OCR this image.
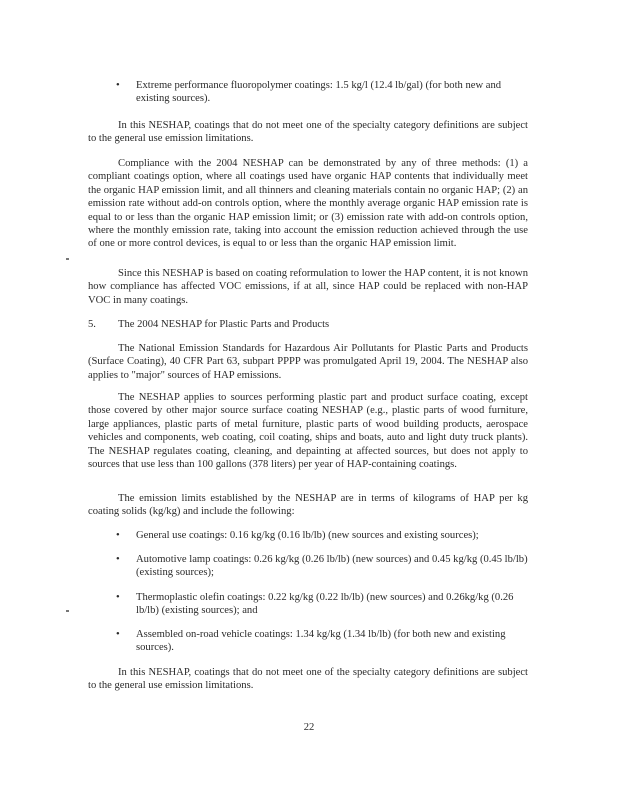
•	Extreme performance fluoropolymer coatings: 1.5 kg/l (12.4 lb/gal) (for both new and existing sources).

In this NESHAP, coatings that do not meet one of the specialty category definitions are subject to the general use emission limitations.

Compliance with the 2004 NESHAP can be demonstrated by any of three methods: (1) a compliant coatings option, where all coatings used have organic HAP contents that individually meet the organic HAP emission limit, and all thinners and cleaning materials contain no organic HAP; (2) an emission rate without add-on controls option, where the monthly average organic HAP emission rate is equal to or less than the organic HAP emission limit; or (3) emission rate with add-on controls option, where the monthly emission rate, taking into account the emission reduction achieved through the use of one or more control devices, is equal to or less than the organic HAP emission limit.

Since this NESHAP is based on coating reformulation to lower the HAP content, it is not known how compliance has affected VOC emissions, if at all, since HAP could be replaced with non-HAP VOC in many coatings.

5. The 2004 NESHAP for Plastic Parts and Products

The National Emission Standards for Hazardous Air Pollutants for Plastic Parts and Products (Surface Coating), 40 CFR Part 63, subpart PPPP was promulgated April 19, 2004. The NESHAP also applies to "major" sources of HAP emissions.

The NESHAP applies to sources performing plastic part and product surface coating, except those covered by other major source surface coating NESHAP (e.g., plastic parts of wood furniture, large appliances, plastic parts of metal furniture, plastic parts of wood building products, aerospace vehicles and components, web coating, coil coating, ships and boats, auto and light duty truck plants). The NESHAP regulates coating, cleaning, and depainting at affected sources, but does not apply to sources that use less than 100 gallons (378 liters) per year of HAP-containing coatings.

The emission limits established by the NESHAP are in terms of kilograms of HAP per kg coating solids (kg/kg) and include the following:

•	General use coatings: 0.16 kg/kg (0.16 lb/lb) (new sources and existing sources);

•	Automotive lamp coatings: 0.26 kg/kg (0.26 lb/lb) (new sources) and 0.45 kg/kg (0.45 lb/lb) (existing sources);

•	Thermoplastic olefin coatings: 0.22 kg/kg (0.22 lb/lb) (new sources) and 0.26kg/kg (0.26 lb/lb) (existing sources); and

•	Assembled on-road vehicle coatings: 1.34 kg/kg (1.34 lb/lb) (for both new and existing sources).

In this NESHAP, coatings that do not meet one of the specialty category definitions are subject to the general use emission limitations.

22
